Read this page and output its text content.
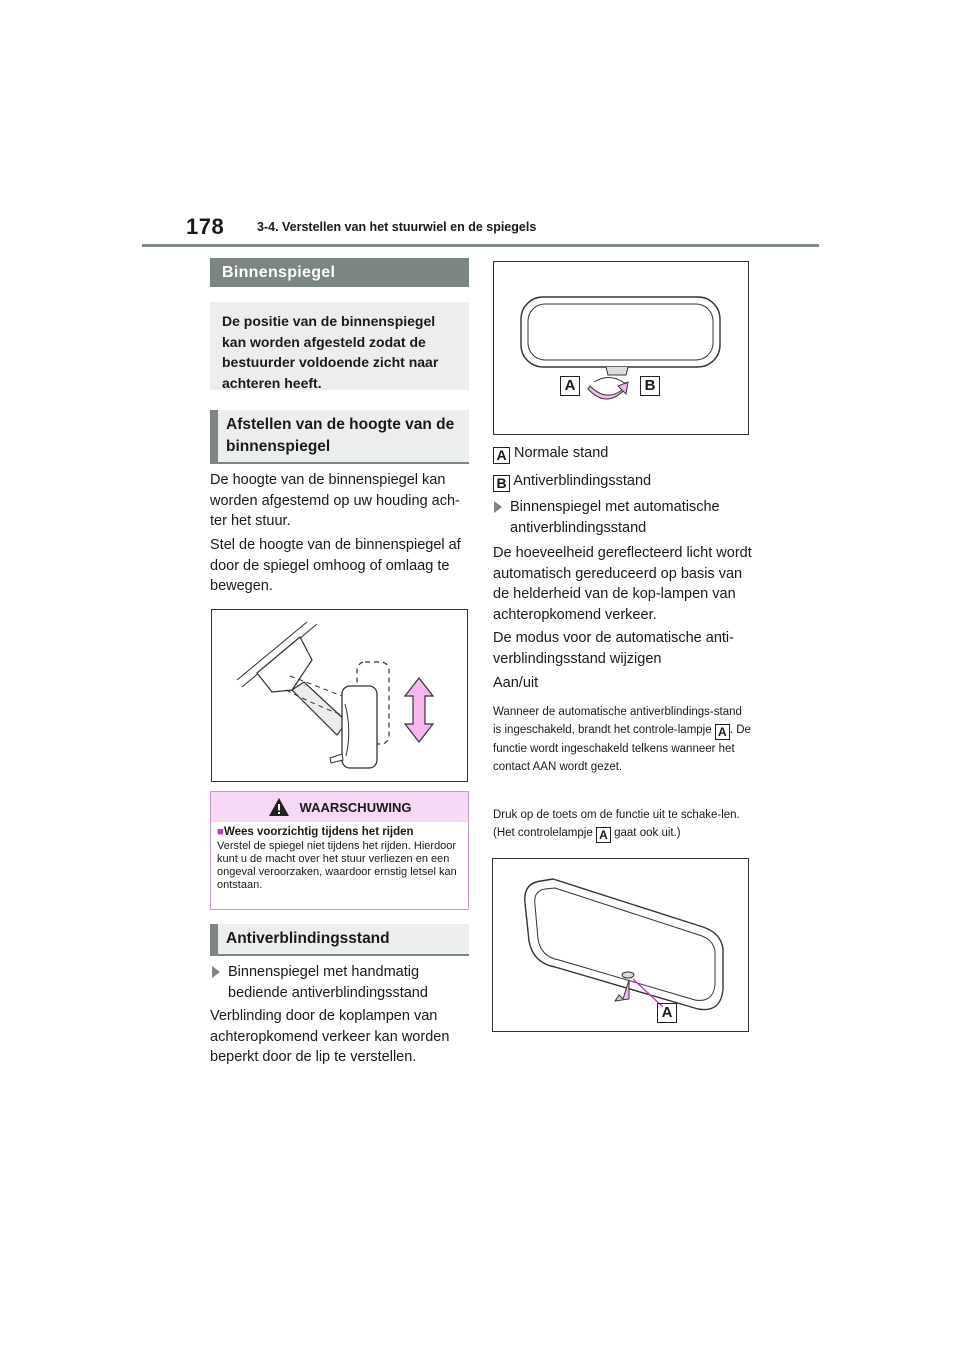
178	3-4. Verstellen van het stuurwiel en de spiegels
Binnenspiegel
De positie van de binnenspiegel kan worden afgesteld zodat de bestuurder voldoende zicht naar achteren heeft.
Afstellen van de hoogte van de binnenspiegel
De hoogte van de binnenspiegel kan worden afgestemd op uw houding ach-ter het stuur.
Stel de hoogte van de binnenspiegel af door de spiegel omhoog of omlaag te bewegen.
WAARSCHUWING
■Wees voorzichtig tijdens het rijden
Verstel de spiegel niet tijdens het rijden. Hierdoor kunt u de macht over het stuur verliezen en een ongeval veroorzaken, waardoor ernstig letsel kan ontstaan.
Antiverblindingsstand
Binnenspiegel met handmatig bediende antiverblindingsstand
Verblinding door de koplampen van achteropkomend verkeer kan worden beperkt door de lip te verstellen.
A	B
A Normale stand
B Antiverblindingsstand
Binnenspiegel met automatische antiverblindingsstand
De hoeveelheid gereflecteerd licht wordt automatisch gereduceerd op basis van de helderheid van de kop-lampen van achteropkomend verkeer.
De modus voor de automatische anti-verblindingsstand wijzigen
Aan/uit
Wanneer de automatische antiverblindings-stand is ingeschakeld, brandt het controle-lampje A . De functie wordt ingeschakeld telkens wanneer het contact AAN wordt gezet.
Druk op de toets om de functie uit te schake-len. (Het controlelampje A gaat ook uit.)
A
